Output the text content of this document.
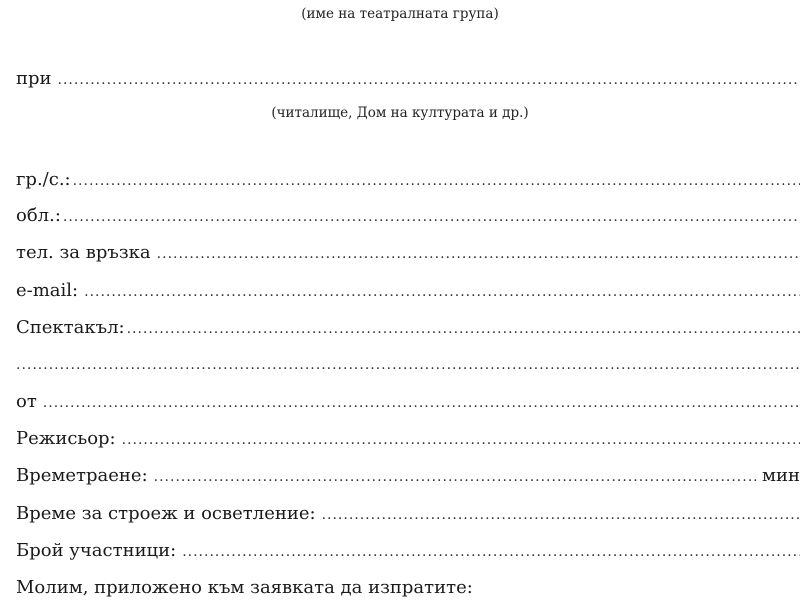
(име на театралната група)
при
.....
(читалище, Дом на културата и др.)
гр./с.:
.....
обл.:
.....
тел. за връзка
.....
e-mail:
.....
Спектакъл:
.....
.....
от
.....
Режисьор:
.....
Времетраене:
.....	мин
Време за строеж и осветление:
.....
Брой участници:
.....
Молим, приложено към заявката да изпратите:
